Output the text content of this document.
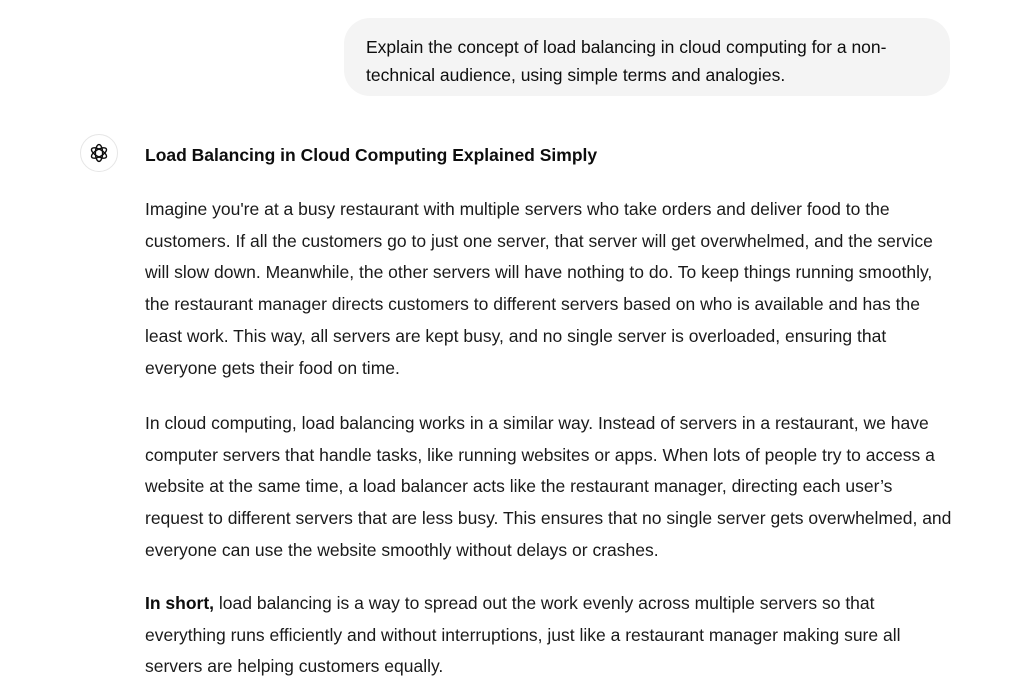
Explain the concept of load balancing in cloud computing for a non-technical audience, using simple terms and analogies.

Load Balancing in Cloud Computing Explained Simply

Imagine you're at a busy restaurant with multiple servers who take orders and deliver food to the customers. If all the customers go to just one server, that server will get overwhelmed, and the service will slow down. Meanwhile, the other servers will have nothing to do. To keep things running smoothly, the restaurant manager directs customers to different servers based on who is available and has the least work. This way, all servers are kept busy, and no single server is overloaded, ensuring that everyone gets their food on time.

In cloud computing, load balancing works in a similar way. Instead of servers in a restaurant, we have computer servers that handle tasks, like running websites or apps. When lots of people try to access a website at the same time, a load balancer acts like the restaurant manager, directing each user’s request to different servers that are less busy. This ensures that no single server gets overwhelmed, and everyone can use the website smoothly without delays or crashes.

In short, load balancing is a way to spread out the work evenly across multiple servers so that everything runs efficiently and without interruptions, just like a restaurant manager making sure all servers are helping customers equally.
